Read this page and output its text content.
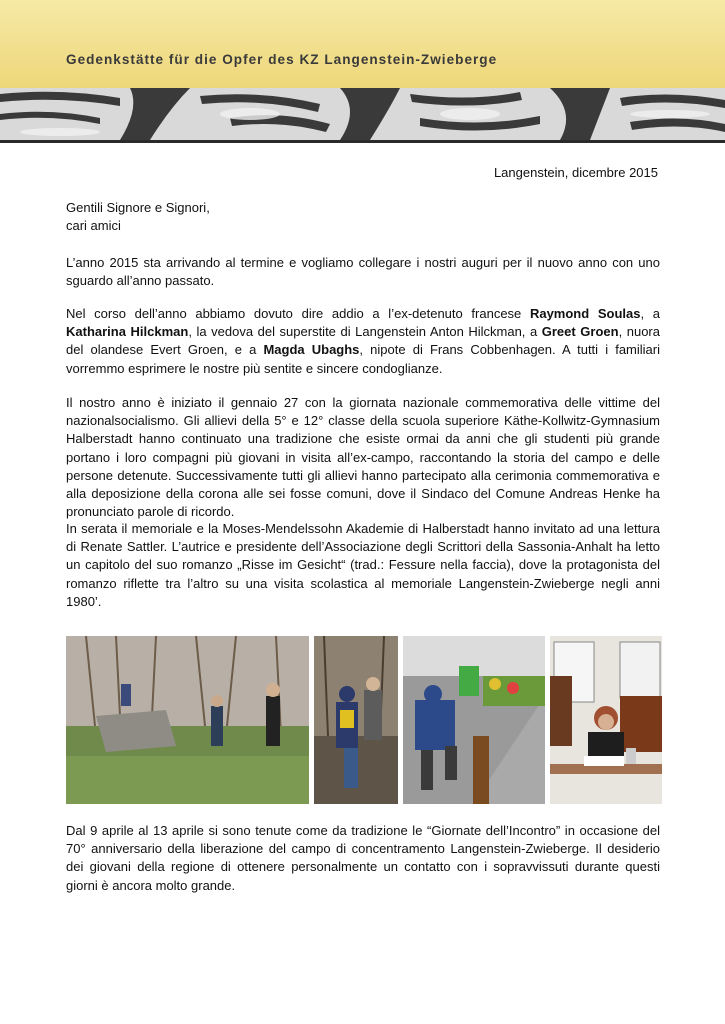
Gedenkstätte für die Opfer des KZ Langenstein-Zwieberge
Langenstein, dicembre 2015
Gentili Signore e Signori,
cari amici
L’anno 2015 sta arrivando al termine e vogliamo collegare i nostri auguri per il nuovo anno con uno sguardo all’anno passato.
Nel corso dell’anno abbiamo dovuto dire addio a l’ex-detenuto francese Raymond Soulas, a Katharina Hilckman, la vedova del superstite di Langenstein Anton Hilckman, a Greet Groen, nuora del olandese Evert Groen, e a Magda Ubaghs, nipote di Frans Cobbenhagen. A tutti i familiari vorremmo esprimere le nostre più sentite e sincere condoglianze.
Il nostro anno è iniziato il gennaio 27 con la giornata nazionale commemorativa delle vittime del nazionalsocialismo. Gli allievi della 5° e 12° classe della scuola superiore Käthe-Kollwitz-Gymnasium Halberstadt hanno continuato una tradizione che esiste ormai da anni che gli studenti più grande portano i loro compagni più giovani in visita all’ex-campo, raccontando la storia del campo e delle persone detenute. Successivamente tutti gli allievi hanno partecipato alla cerimonia commemorativa e alla deposizione della corona alle sei fosse comuni, dove il Sindaco del Comune Andreas Henke ha pronunciato parole di ricordo.
In serata il memoriale e la Moses-Mendelssohn Akademie di Halberstadt hanno invitato ad una lettura di Renate Sattler. L’autrice e presidente dell’Associazione degli Scrittori della Sassonia-Anhalt ha letto un capitolo del suo romanzo „Risse im Gesicht“ (trad.: Fessure nella faccia), dove la protagonista del romanzo riflette tra l’altro su una visita scolastica al memoriale Langenstein-Zwieberge negli anni 1980’.
Dal 9 aprile al 13 aprile si sono tenute come da tradizione le “Giornate dell’Incontro” in occasione del 70° anniversario della liberazione del campo di concentramento Langenstein-Zwieberge. Il desiderio dei giovani della regione di ottenere personalmente un contatto con i sopravvissuti durante questi giorni è ancora molto grande.
